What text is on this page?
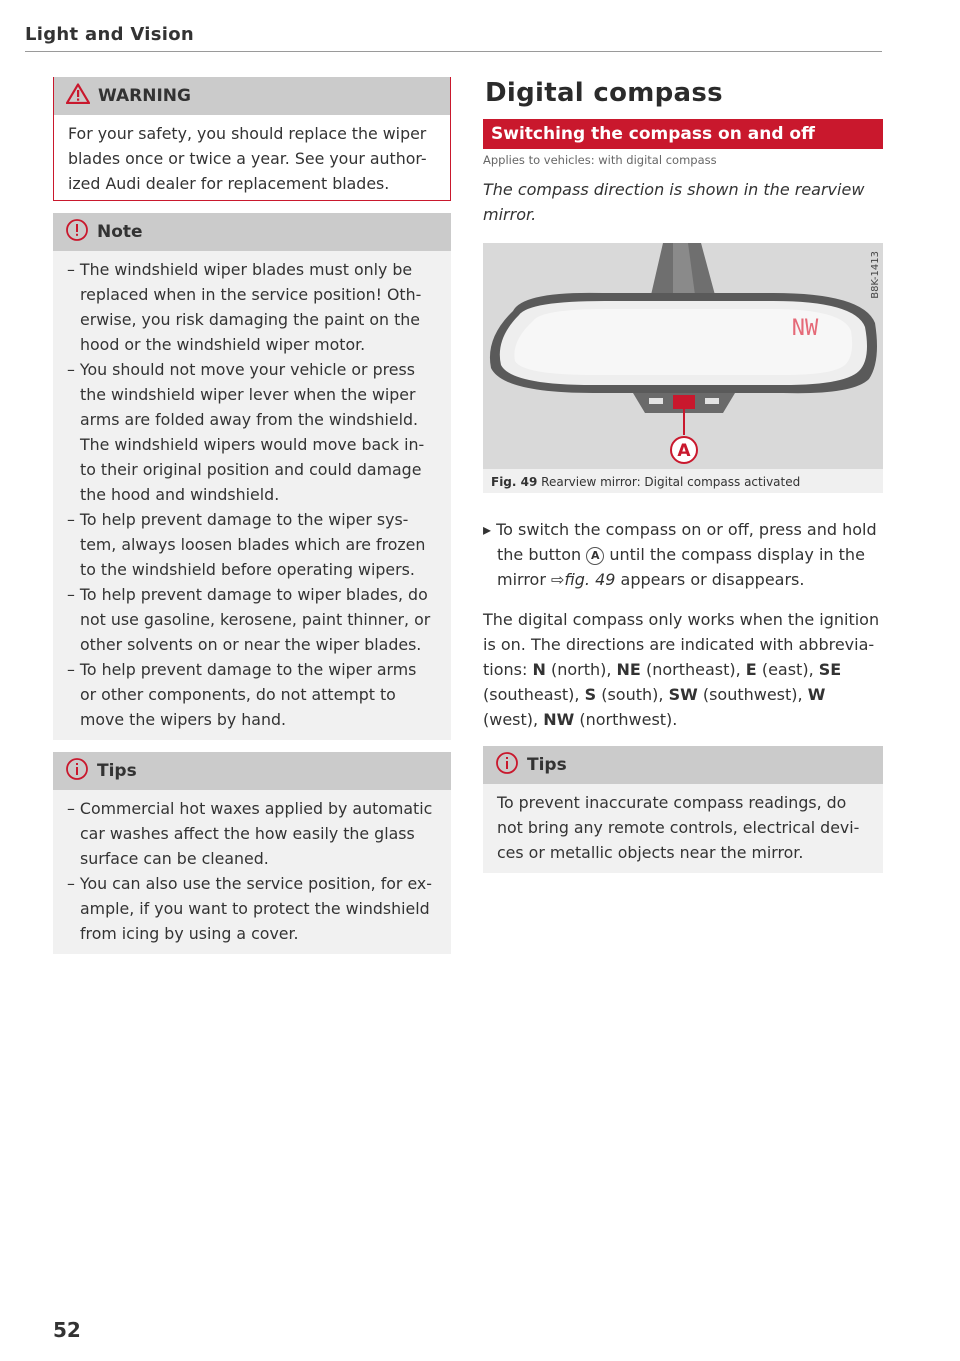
Light and Vision
WARNING
For your safety, you should replace the wiper blades once or twice a year. See your author-ized Audi dealer for replacement blades.
Note
– The windshield wiper blades must only be replaced when in the service position! Oth-erwise, you risk damaging the paint on the hood or the windshield wiper motor.
– You should not move your vehicle or press the windshield wiper lever when the wiper arms are folded away from the windshield. The windshield wipers would move back in-to their original position and could damage the hood and windshield.
– To help prevent damage to the wiper sys-tem, always loosen blades which are frozen to the windshield before operating wipers.
– To help prevent damage to wiper blades, do not use gasoline, kerosene, paint thinner, or other solvents on or near the wiper blades.
– To help prevent damage to the wiper arms or other components, do not attempt to move the wipers by hand.
Tips
– Commercial hot waxes applied by automatic car washes affect the how easily the glass surface can be cleaned.
– You can also use the service position, for ex-ample, if you want to protect the windshield from icing by using a cover.
Digital compass
Switching the compass on and off
Applies to vehicles: with digital compass
The compass direction is shown in the rearview mirror.
A
NW
B8K-1413
Fig. 49 Rearview mirror: Digital compass activated
▸ To switch the compass on or off, press and hold the button A until the compass display in the mirror ⇨fig. 49 appears or disappears.
The digital compass only works when the ignition is on. The directions are indicated with abbrevia-tions: N (north), NE (northeast), E (east), SE (southeast), S (south), SW (southwest), W (west), NW (northwest).
Tips
To prevent inaccurate compass readings, do not bring any remote controls, electrical devi-ces or metallic objects near the mirror.
52
